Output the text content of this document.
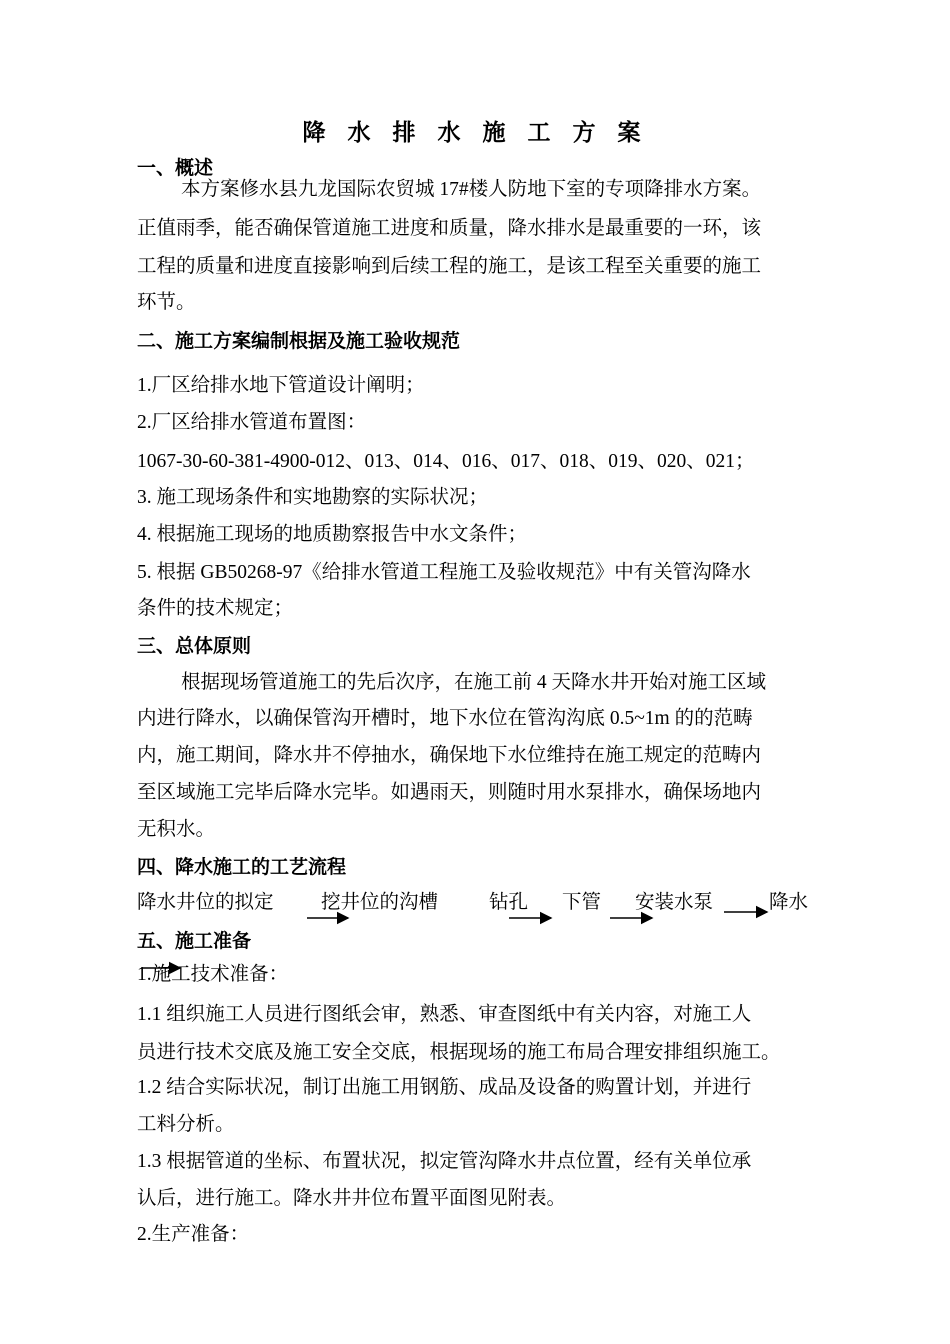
降 水 排 水 施 工 方 案
一、概述
本方案修水县九龙国际农贸城 17#楼人防地下室的专项降排水方案。
正值雨季，能否确保管道施工进度和质量，降水排水是最重要的一环，该
工程的质量和进度直接影响到后续工程的施工，是该工程至关重要的施工
环节。
二、施工方案编制根据及施工验收规范
1.厂区给排水地下管道设计阐明；
2.厂区给排水管道布置图：
1067-30-60-381-4900-012、013、014、016、017、018、019、020、021；
3. 施工现场条件和实地勘察的实际状况；
4. 根据施工现场的地质勘察报告中水文条件；
5. 根据 GB50268-97《给排水管道工程施工及验收规范》中有关管沟降水
条件的技术规定；
三、总体原则
根据现场管道施工的先后次序，在施工前 4 天降水井开始对施工区域
内进行降水，以确保管沟开槽时，地下水位在管沟沟底 0.5~1m 的的范畴
内，施工期间，降水井不停抽水，确保地下水位维持在施工规定的范畴内
至区域施工完毕后降水完毕。如遇雨天，则随时用水泵排水，确保场地内
无积水。
四、降水施工的工艺流程
降水井位的拟定 挖井位的沟槽	钻孔 下管 安装水泵	降水
五、施工准备
1.施工技术准备：
1.1 组织施工人员进行图纸会审，熟悉、审查图纸中有关内容，对施工人
员进行技术交底及施工安全交底，根据现场的施工布局合理安排组织施工。
1.2 结合实际状况，制订出施工用钢筋、成品及设备的购置计划，并进行
工料分析。
1.3 根据管道的坐标、布置状况，拟定管沟降水井点位置，经有关单位承
认后，进行施工。降水井井位布置平面图见附表。
2.生产准备：
